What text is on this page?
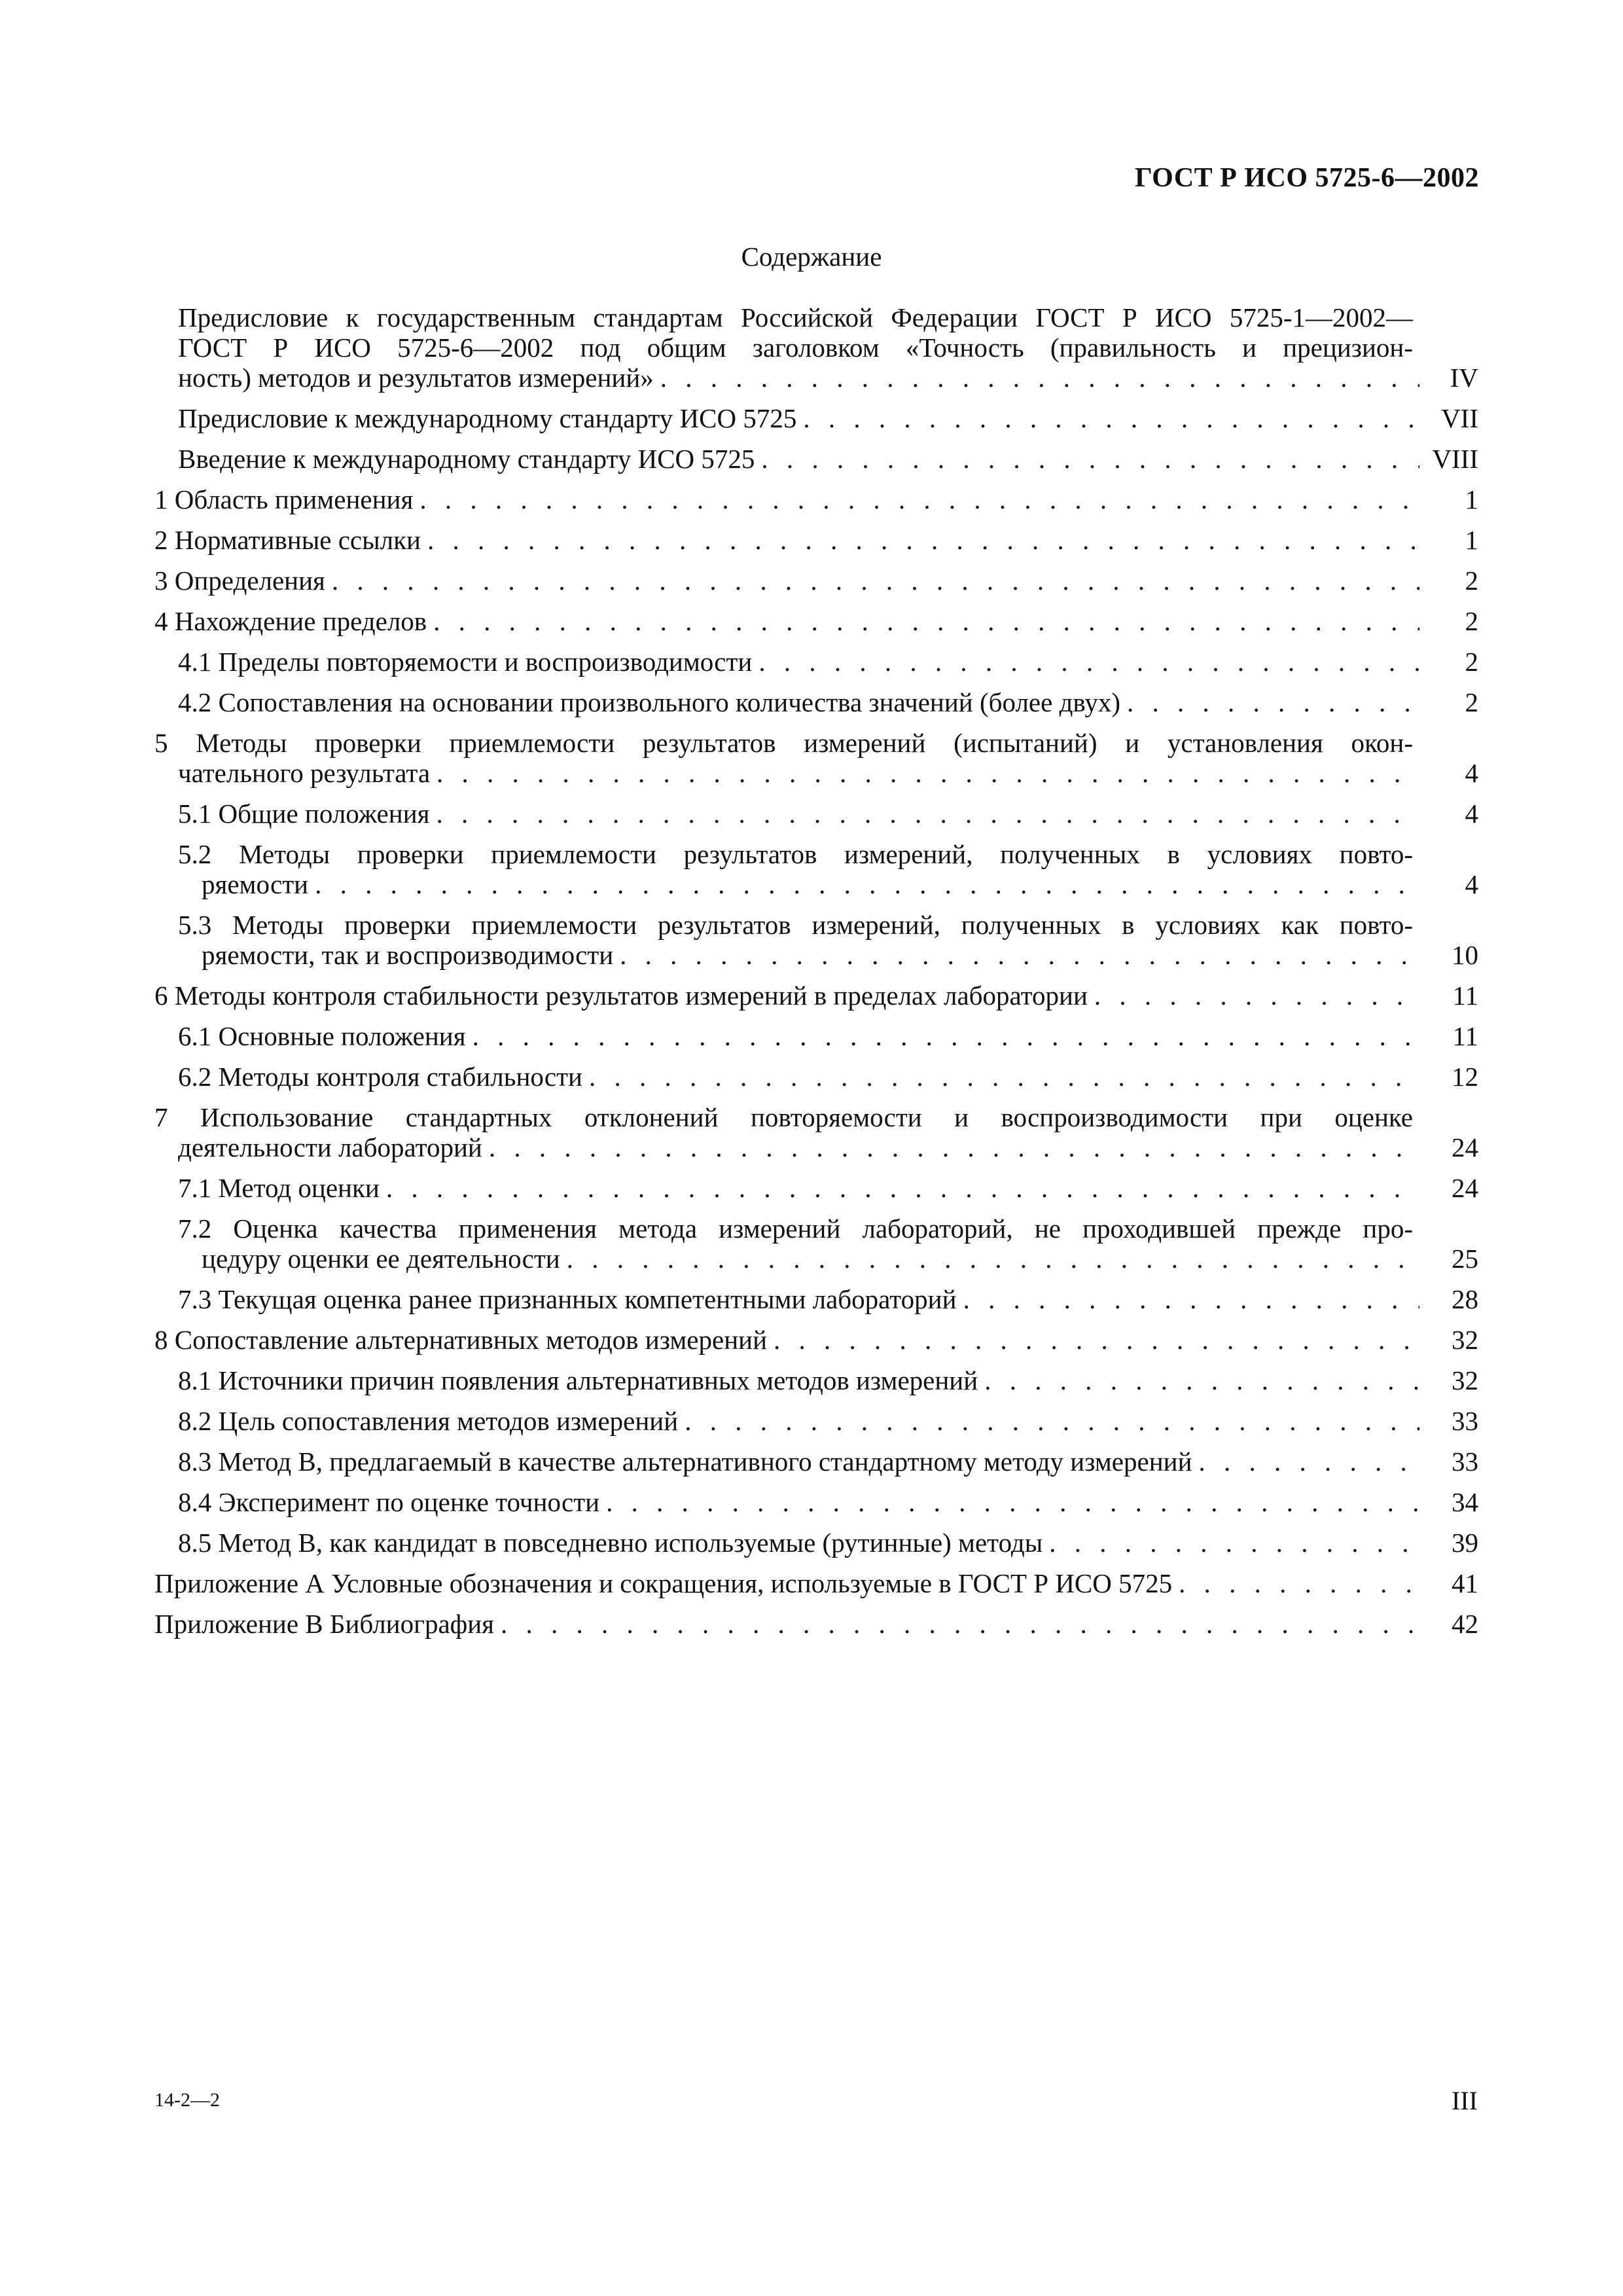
ГОСТ Р ИСО 5725-6—2002
Содержание
Предисловие к государственным стандартам Российской Федерации ГОСТ Р ИСО 5725-1—2002—
ГОСТ Р ИСО 5725-6—2002 под общим заголовком «Точность (правильность и прецизион-
ность) методов и результатов измерений» . . .	IV
Предисловие к международному стандарту ИСО 5725 . . .	VII
Введение к международному стандарту ИСО 5725 . . .	VIII
1 Область применения . . .	1
2 Нормативные ссылки . . .	1
3 Определения . . .	2
4 Нахождение пределов . . .	2
4.1 Пределы повторяемости и воспроизводимости . . .	2
4.2 Сопоставления на основании произвольного количества значений (более двух) . . .	2
5 Методы проверки приемлемости результатов измерений (испытаний) и установления окон-
чательного результата . . .	4
5.1 Общие положения . . .	4
5.2 Методы проверки приемлемости результатов измерений, полученных в условиях повто-
ряемости . . .	4
5.3 Методы проверки приемлемости результатов измерений, полученных в условиях как повто-
ряемости, так и воспроизводимости . . .	10
6 Методы контроля стабильности результатов измерений в пределах лаборатории . . .	11
6.1 Основные положения . . .	11
6.2 Методы контроля стабильности . . .	12
7 Использование стандартных отклонений повторяемости и воспроизводимости при оценке
деятельности лабораторий . . .	24
7.1 Метод оценки . . .	24
7.2 Оценка качества применения метода измерений лабораторий, не проходившей прежде про-
цедуру оценки ее деятельности . . .	25
7.3 Текущая оценка ранее признанных компетентными лабораторий . . .	28
8 Сопоставление альтернативных методов измерений . . .	32
8.1 Источники причин появления альтернативных методов измерений . . .	32
8.2 Цель сопоставления методов измерений . . .	33
8.3 Метод В, предлагаемый в качестве альтернативного стандартному методу измерений . . .	33
8.4 Эксперимент по оценке точности . . .	34
8.5 Метод В, как кандидат в повседневно используемые (рутинные) методы . . .	39
Приложение А Условные обозначения и сокращения, используемые в ГОСТ Р ИСО 5725 . . .	41
Приложение В Библиография . . .	42
14-2—2	III
